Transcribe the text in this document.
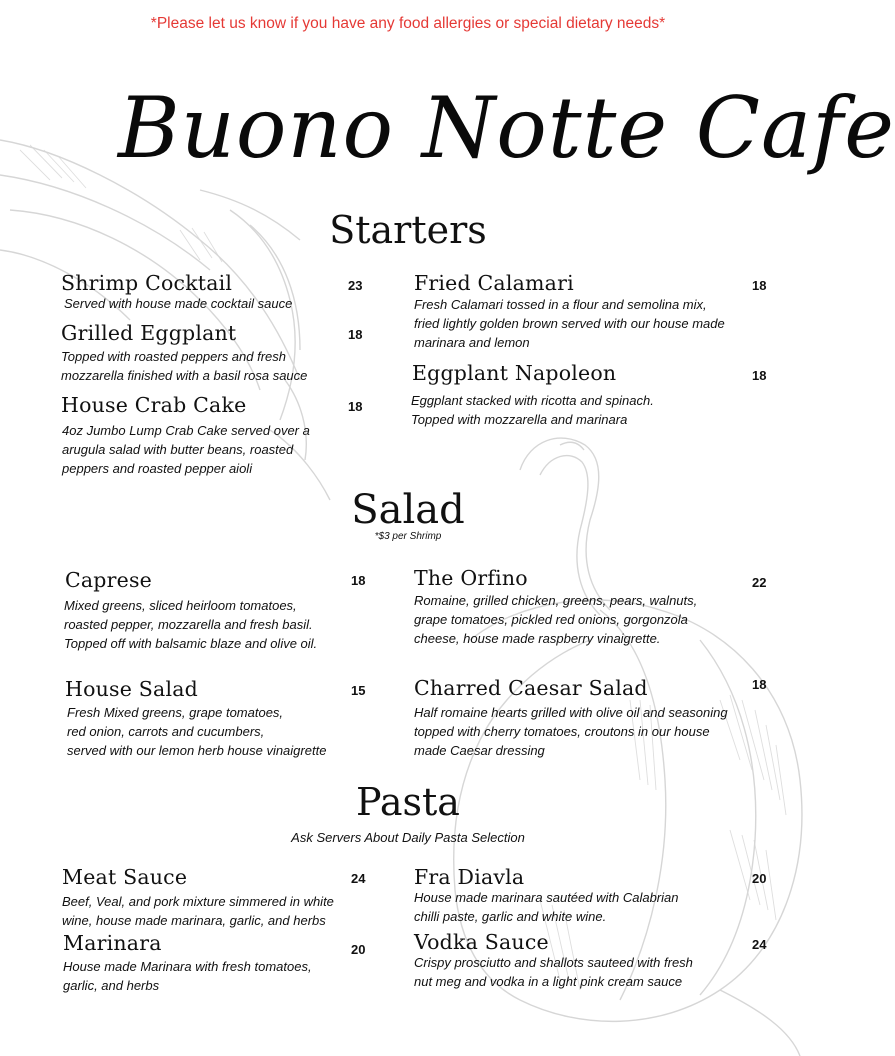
*Please let us know if you have any food allergies or special dietary needs*
Buono Notte Cafe
Starters
Shrimp Cocktail	23
Served with house made cocktail sauce
Grilled Eggplant	18
Topped with roasted peppers and fresh
mozzarella finished with a basil rosa sauce
House Crab Cake	18
4oz Jumbo Lump Crab Cake served over a
arugula salad with butter beans, roasted
peppers and roasted pepper aioli
Fried Calamari	18
Fresh Calamari tossed in a flour and semolina mix,
fried lightly golden brown served with our house made
marinara and lemon
Eggplant Napoleon	18
Eggplant stacked with ricotta and spinach.
Topped with mozzarella and marinara
Salad
*$3 per Shrimp
Caprese	18
Mixed greens, sliced heirloom tomatoes,
roasted pepper, mozzarella and fresh basil.
Topped off with balsamic blaze and olive oil.
House Salad	15
Fresh Mixed greens, grape tomatoes,
red onion, carrots and cucumbers,
served with our lemon herb house vinaigrette
The Orfino	22
Romaine, grilled chicken, greens, pears, walnuts,
grape tomatoes, pickled red onions, gorgonzola
cheese, house made raspberry vinaigrette.
Charred Caesar Salad	18
Half romaine hearts grilled with olive oil and seasoning
topped with cherry tomatoes, croutons in our house
made Caesar dressing
Pasta
Ask Servers About Daily Pasta Selection
Meat Sauce	24
Beef, Veal, and pork mixture simmered in white
wine, house made marinara, garlic, and herbs
Marinara	20
House made Marinara with fresh tomatoes,
garlic, and herbs
Fra Diavla	20
House made marinara sautéed with Calabrian
chilli paste, garlic and white wine.
Vodka Sauce	24
Crispy prosciutto and shallots sauteed with fresh
nut meg and vodka in a light pink cream sauce
